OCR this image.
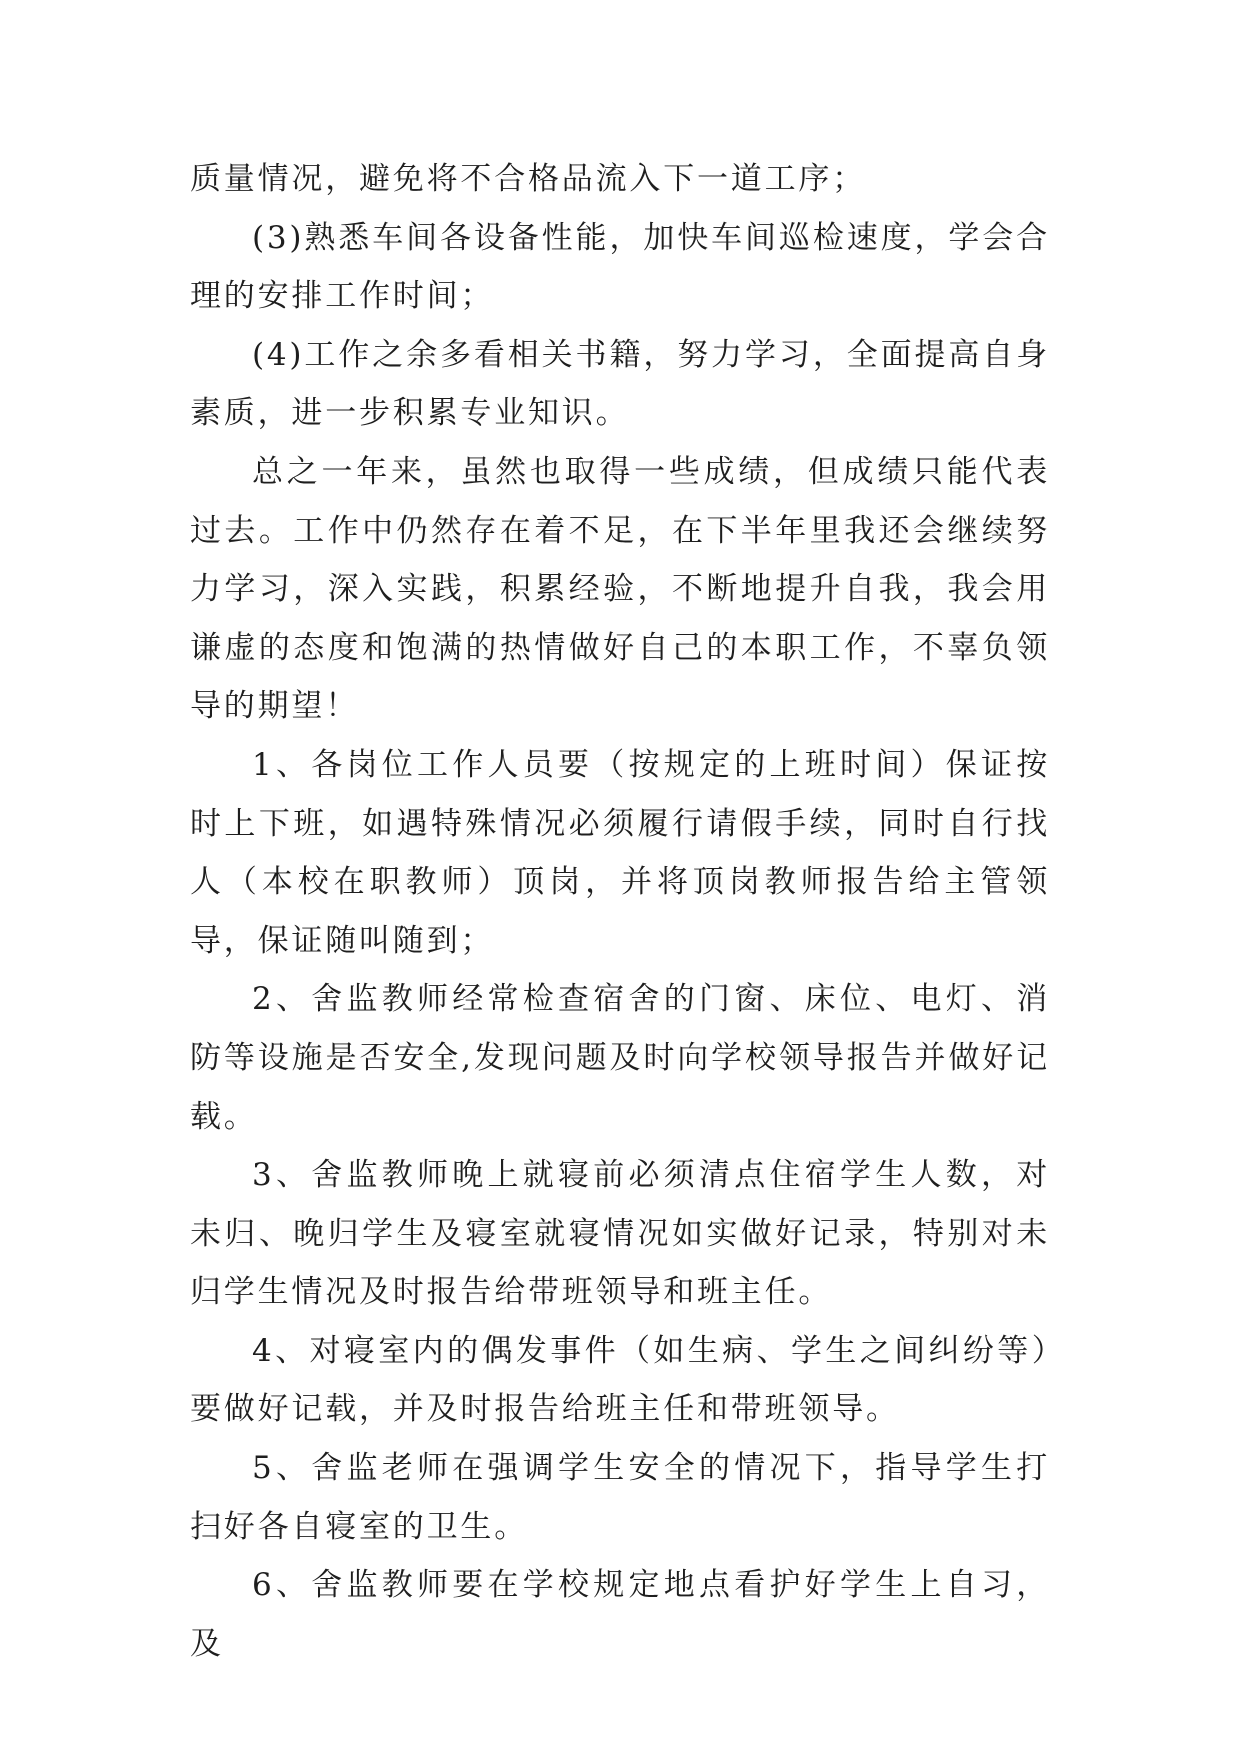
质量情况，避免将不合格品流入下一道工序；

(3)熟悉车间各设备性能，加快车间巡检速度，学会合理的安排工作时间；

(4)工作之余多看相关书籍，努力学习，全面提高自身素质，进一步积累专业知识。

总之一年来，虽然也取得一些成绩，但成绩只能代表过去。工作中仍然存在着不足，在下半年里我还会继续努力学习，深入实践，积累经验，不断地提升自我，我会用谦虚的态度和饱满的热情做好自己的本职工作，不辜负领导的期望！

1、各岗位工作人员要（按规定的上班时间）保证按时上下班，如遇特殊情况必须履行请假手续，同时自行找人（本校在职教师）顶岗，并将顶岗教师报告给主管领导，保证随叫随到；

2、舍监教师经常检查宿舍的门窗、床位、电灯、消防等设施是否安全,发现问题及时向学校领导报告并做好记载。

3、舍监教师晚上就寝前必须清点住宿学生人数，对未归、晚归学生及寝室就寝情况如实做好记录，特别对未归学生情况及时报告给带班领导和班主任。

4、对寝室内的偶发事件（如生病、学生之间纠纷等）要做好记载，并及时报告给班主任和带班领导。

5、舍监老师在强调学生安全的情况下，指导学生打扫好各自寝室的卫生。

6、舍监教师要在学校规定地点看护好学生上自习，及
